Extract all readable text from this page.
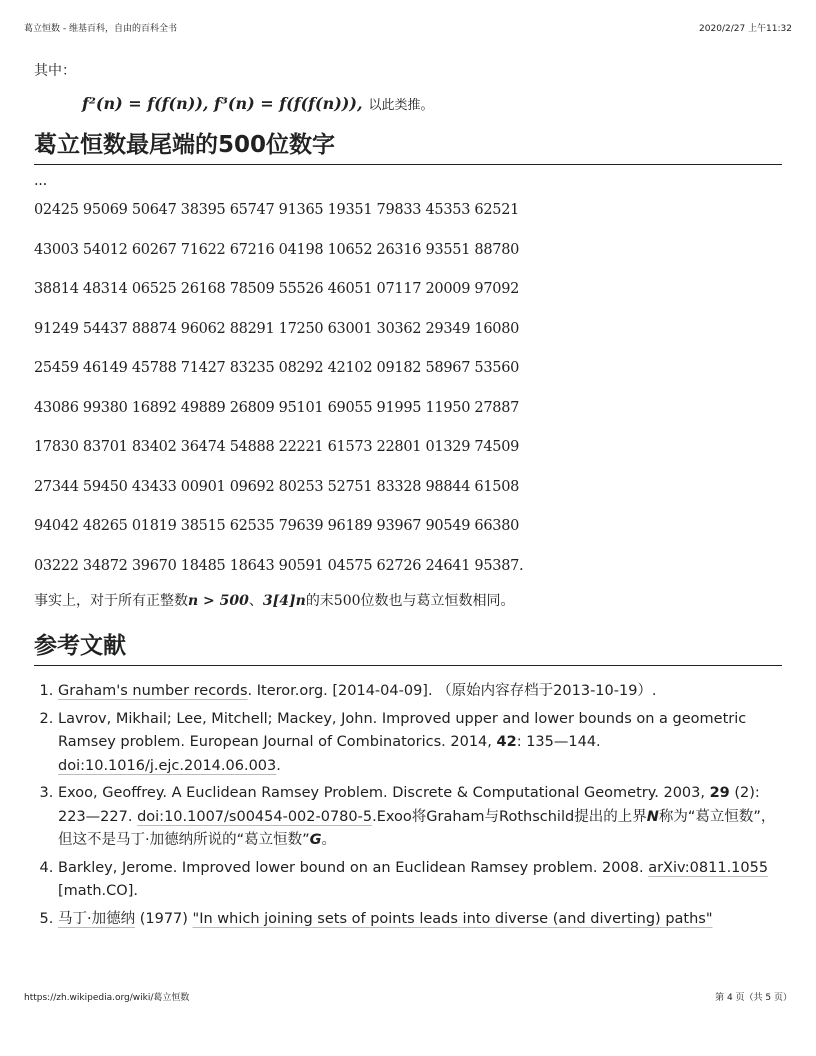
葛立恒数 - 维基百科，自由的百科全书	2020/2/27 上午11:32

其中：

f²(n) = f(f(n)), f³(n) = f(f(f(n))), 以此类推。
葛立恒数最尾端的500位数字
...
02425 95069 50647 38395 65747 91365 19351 79833 45353 62521
43003 54012 60267 71622 67216 04198 10652 26316 93551 88780
38814 48314 06525 26168 78509 55526 46051 07117 20009 97092
91249 54437 88874 96062 88291 17250 63001 30362 29349 16080
25459 46149 45788 71427 83235 08292 42102 09182 58967 53560
43086 99380 16892 49889 26809 95101 69055 91995 11950 27887
17830 83701 83402 36474 54888 22221 61573 22801 01329 74509
27344 59450 43433 00901 09692 80253 52751 83328 98844 61508
94042 48265 01819 38515 62535 79639 96189 93967 90549 66380
03222 34872 39670 18485 18643 90591 04575 62726 24641 95387.

事实上，对于所有正整数n > 500、3[4]n的末500位数也与葛立恒数相同。

参考文献
1. Graham's number records. Iteror.org. [2014-04-09]. （原始内容存档于2013-10-19）.
2. Lavrov, Mikhail; Lee, Mitchell; Mackey, John. Improved upper and lower bounds on a geometric Ramsey problem. European Journal of Combinatorics. 2014, 42: 135—144. doi:10.1016/j.ejc.2014.06.003.
3. Exoo, Geoffrey. A Euclidean Ramsey Problem. Discrete & Computational Geometry. 2003, 29 (2): 223—227. doi:10.1007/s00454-002-0780-5.Exoo将Graham与Rothschild提出的上界N称为“葛立恒数”，但这不是马丁·加德纳所说的“葛立恒数”G。
4. Barkley, Jerome. Improved lower bound on an Euclidean Ramsey problem. 2008. arXiv:0811.1055 [math.CO].
5. 马丁·加德纳 (1977) "In which joining sets of points leads into diverse (and diverting) paths"
https://zh.wikipedia.org/wiki/葛立恒数	第 4 页（共 5 页）
